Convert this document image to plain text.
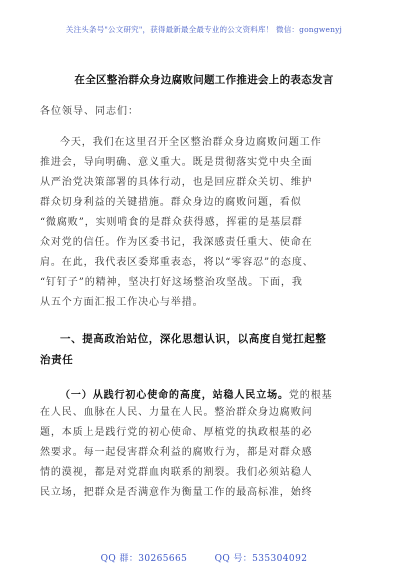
关注头条号"公文研究"，获得最新最全最专业的公文资料库！ 微信：gongwenyj
在全区整治群众身边腐败问题工作推进会上的表态发言
各位领导、同志们：
今天，我们在这里召开全区整治群众身边腐败问题工作
推进会，导向明确、意义重大。既是贯彻落实党中央全面
从严治党决策部署的具体行动，也是回应群众关切、维护
群众切身利益的关键措施。群众身边的腐败问题，看似
“微腐败”，实则啃食的是群众获得感，挥霍的是基层群
众对党的信任。作为区委书记，我深感责任重大、使命在
肩。在此，我代表区委郑重表态，将以“零容忍”的态度、
“钉钉子”的精神，坚决打好这场整治攻坚战。下面，我
从五个方面汇报工作决心与举措。
一、提高政治站位，深化思想认识，以高度自觉扛起整
治责任
（一）从践行初心使命的高度，站稳人民立场。党的根基
在人民、血脉在人民、力量在人民。整治群众身边腐败问
题，本质上是践行党的初心使命、厚植党的执政根基的必
然要求。每一起侵害群众利益的腐败行为，都是对群众感
情的漠视，都是对党群血肉联系的割裂。我们必须站稳人
民立场，把群众是否满意作为衡量工作的最高标准，始终
QQ 群：30265665	QQ 号：535304092
